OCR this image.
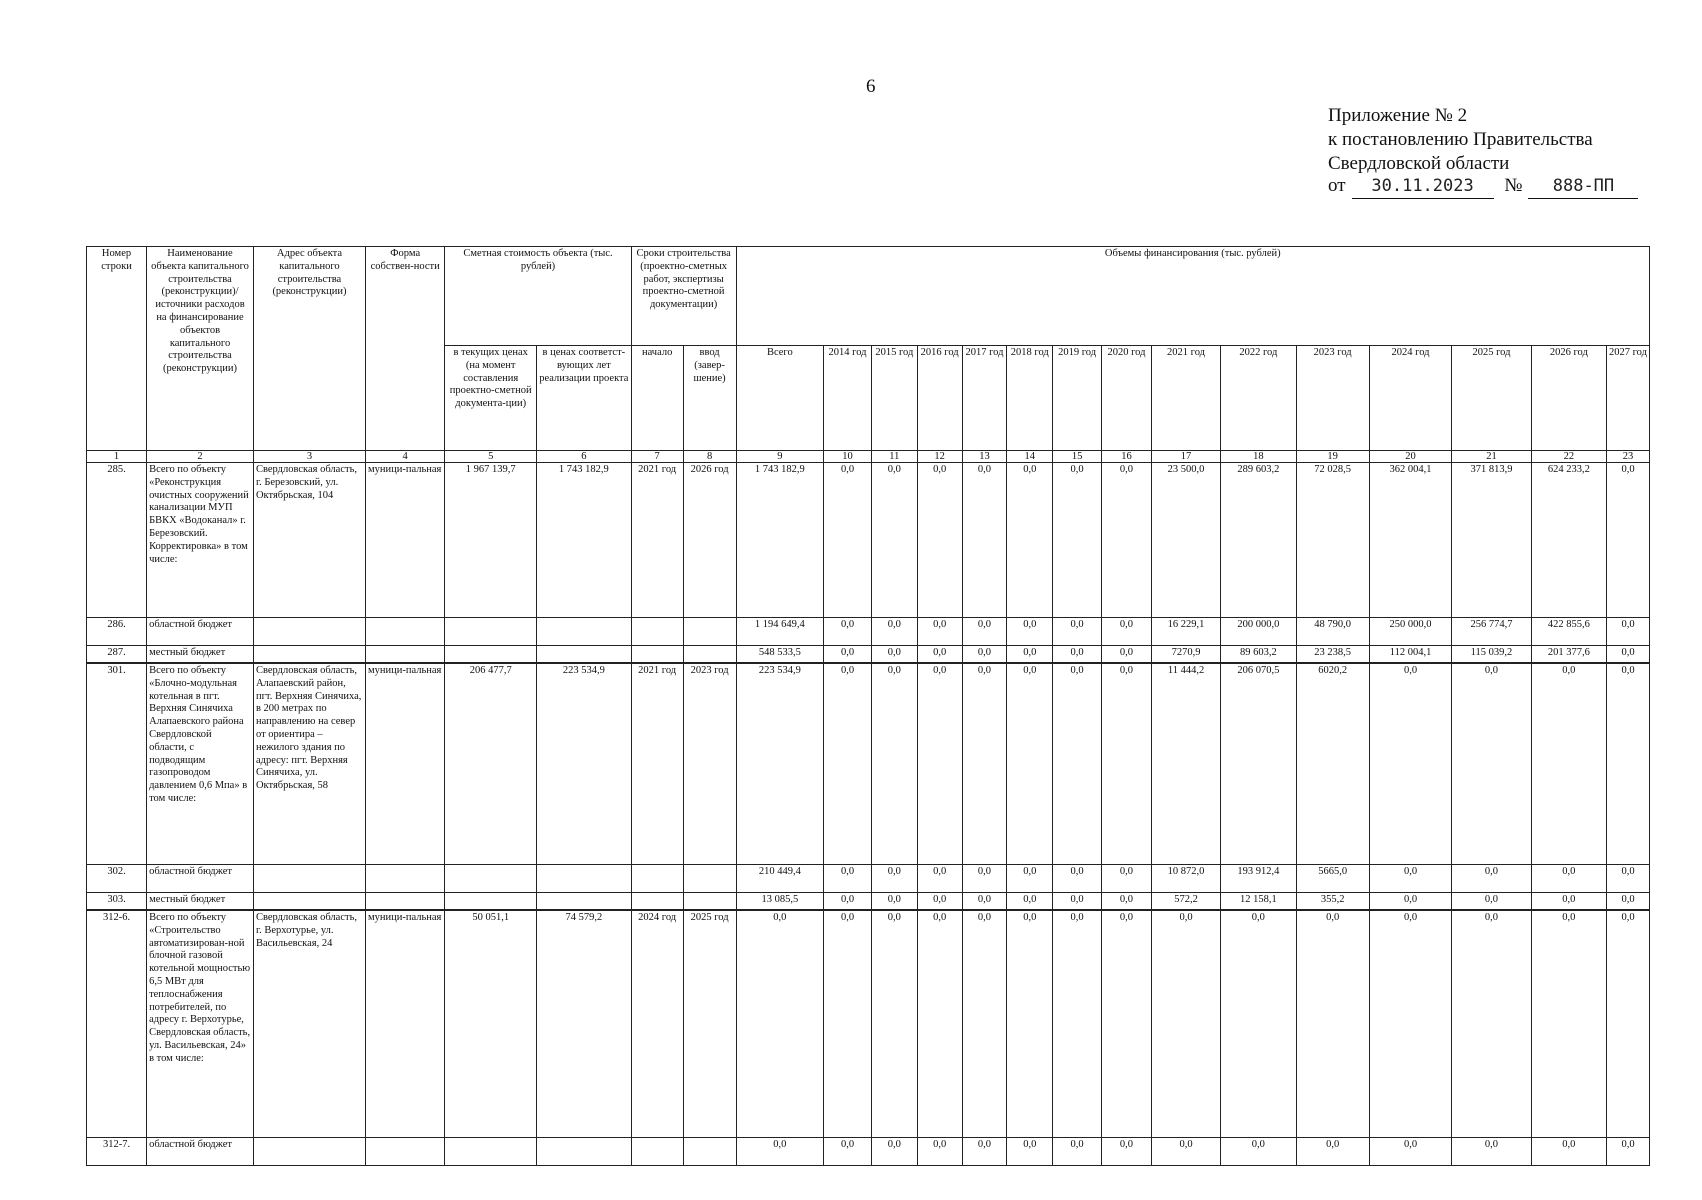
6
Приложение № 2
к постановлению Правительства
Свердловской области
от 30.11.2023 № 888-ПП
Номер строки	Наименование объекта капитального строительства (реконструкции)/ источники расходов на финансирование объектов капитального строительства (реконструкции)	Адрес объекта капитального строительства (реконструкции)	Форма собствен-ности	Сметная стоимость объекта (тыс. рублей)		Сроки строительства (проектно-сметных работ, экспертизы проектно-сметной документации)		Объемы финансирования (тыс. рублей)														
				в текущих ценах (на момент составления проектно-сметной документа-ции)	в ценах соответст-вующих лет реализации проекта	начало	ввод (завер-шение)	Всего	2014 год	2015 год	2016 год	2017 год	2018 год	2019 год	2020 год	2021 год	2022 год	2023 год	2024 год	2025 год	2026 год	2027 год
1	2	3	4	5	6	7	8	9	10	11	12	13	14	15	16	17	18	19	20	21	22	23
285.	Всего по объекту «Реконструкция очистных сооружений канализации МУП БВКХ «Водоканал» г. Березовский. Корректировка» в том числе:	Свердловская область, г. Березовский, ул. Октябрьская, 104	муници-пальная	1 967 139,7	1 743 182,9	2021 год	2026 год	1 743 182,9	0,0	0,0	0,0	0,0	0,0	0,0	0,0	23 500,0	289 603,2	72 028,5	362 004,1	371 813,9	624 233,2	0,0
286.	областной бюджет							1 194 649,4	0,0	0,0	0,0	0,0	0,0	0,0	0,0	16 229,1	200 000,0	48 790,0	250 000,0	256 774,7	422 855,6	0,0
287.	местный бюджет							548 533,5	0,0	0,0	0,0	0,0	0,0	0,0	0,0	7270,9	89 603,2	23 238,5	112 004,1	115 039,2	201 377,6	0,0
301.	Всего по объекту «Блочно-модульная котельная в пгт. Верхняя Синячиха Алапаевского района Свердловской области, с подводящим газопроводом давлением 0,6 Мпа» в том числе:	Свердловская область, Алапаевский район, пгт. Верхняя Синячиха, в 200 метрах по направлению на север от ориентира – нежилого здания по адресу: пгт. Верхняя Синячиха, ул. Октябрьская, 58	муници-пальная	206 477,7	223 534,9	2021 год	2023 год	223 534,9	0,0	0,0	0,0	0,0	0,0	0,0	0,0	11 444,2	206 070,5	6020,2	0,0	0,0	0,0	0,0
302.	областной бюджет							210 449,4	0,0	0,0	0,0	0,0	0,0	0,0	0,0	10 872,0	193 912,4	5665,0	0,0	0,0	0,0	0,0
303.	местный бюджет							13 085,5	0,0	0,0	0,0	0,0	0,0	0,0	0,0	572,2	12 158,1	355,2	0,0	0,0	0,0	0,0
312-6.	Всего по объекту «Строительство автоматизирован-ной блочной газовой котельной мощностью 6,5 МВт для теплоснабжения потребителей, по адресу г. Верхотурье, Свердловская область, ул. Васильевская, 24» в том числе:	Свердловская область, г. Верхотурье, ул. Васильевская, 24	муници-пальная	50 051,1	74 579,2	2024 год	2025 год	0,0	0,0	0,0	0,0	0,0	0,0	0,0	0,0	0,0	0,0	0,0	0,0	0,0	0,0	0,0
312-7.	областной бюджет							0,0	0,0	0,0	0,0	0,0	0,0	0,0	0,0	0,0	0,0	0,0	0,0	0,0	0,0	0,0
